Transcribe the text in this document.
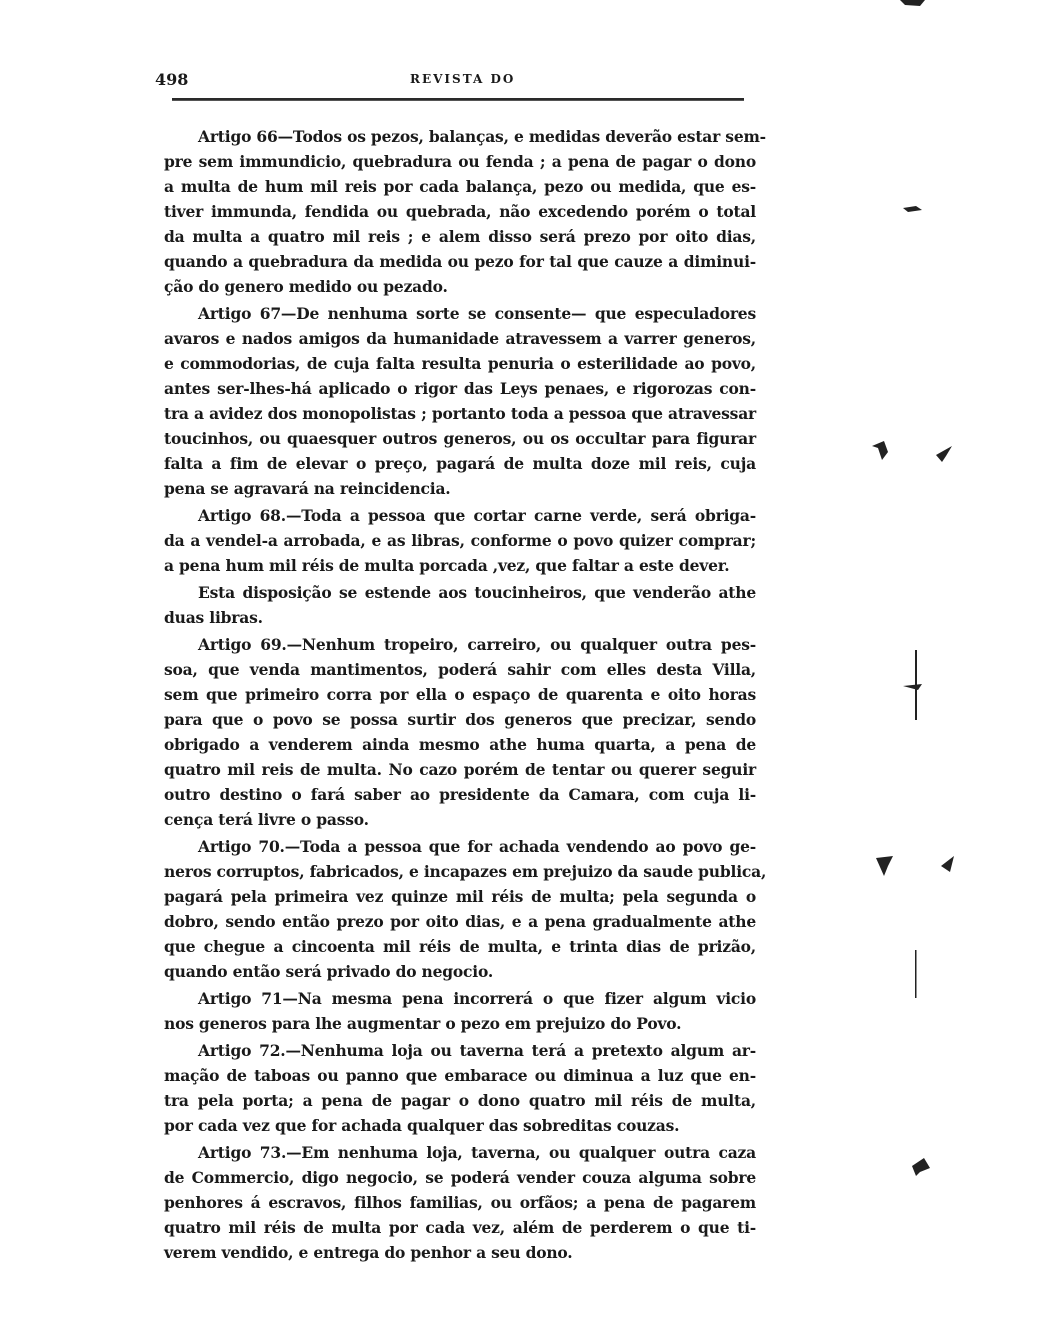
498	REVISTA DO
Artigo 66—Todos os pezos, balanças, e medidas deverão estar sem-
pre sem immundicio, quebradura ou fenda ; a pena de pagar o dono
a multa de hum mil reis por cada balança, pezo ou medida, que es-
tiver immunda, fendida ou quebrada, não excedendo porém o total
da multa a quatro mil reis ; e alem disso será prezo por oito dias,
quando a quebradura da medida ou pezo for tal que cauze a diminui-
ção do genero medido ou pezado.
Artigo 67—De nenhuma sorte se consente— que especuladores
avaros e nados amigos da humanidade atravessem a varrer generos,
e commodorias, de cuja falta resulta penuria o esterilidade ao povo,
antes ser-lhes-há aplicado o rigor das Leys penaes, e rigorozas con-
tra a avidez dos monopolistas ; portanto toda a pessoa que atravessar
toucinhos, ou quaesquer outros generos, ou os occultar para figurar
falta a fim de elevar o preço, pagará de multa doze mil reis, cuja
pena se agravará na reincidencia.
Artigo 68.—Toda a pessoa que cortar carne verde, será obriga-
da a vendel-a arrobada, e as libras, conforme o povo quizer comprar;
a pena hum mil réis de multa porcada ,vez, que faltar a este dever.
Esta disposição se estende aos toucinheiros, que venderão athe
duas libras.
Artigo 69.—Nenhum tropeiro, carreiro, ou qualquer outra pes-
soa, que venda mantimentos, poderá sahir com elles desta Villa,
sem que primeiro corra por ella o espaço de quarenta e oito horas
para que o povo se possa surtir dos generos que precizar, sendo
obrigado a venderem ainda mesmo athe huma quarta, a pena de
quatro mil reis de multa. No cazo porém de tentar ou querer seguir
outro destino o fará saber ao presidente da Camara, com cuja li-
cença terá livre o passo.
Artigo 70.—Toda a pessoa que for achada vendendo ao povo ge-
neros corruptos, fabricados, e incapazes em prejuizo da saude publica,
pagará pela primeira vez quinze mil réis de multa; pela segunda o
dobro, sendo então prezo por oito dias, e a pena gradualmente athe
que chegue a cincoenta mil réis de multa, e trinta dias de prizão,
quando então será privado do negocio.
Artigo 71—Na mesma pena incorrerá o que fizer algum vicio
nos generos para lhe augmentar o pezo em prejuizo do Povo.
Artigo 72.—Nenhuma loja ou taverna terá a pretexto algum ar-
mação de taboas ou panno que embarace ou diminua a luz que en-
tra pela porta; a pena de pagar o dono quatro mil réis de multa,
por cada vez que for achada qualquer das sobreditas couzas.
Artigo 73.—Em nenhuma loja, taverna, ou qualquer outra caza
de Commercio, digo negocio, se poderá vender couza alguma sobre
penhores á escravos, filhos familias, ou orfãos; a pena de pagarem
quatro mil réis de multa por cada vez, além de perderem o que ti-
verem vendido, e entrega do penhor a seu dono.
